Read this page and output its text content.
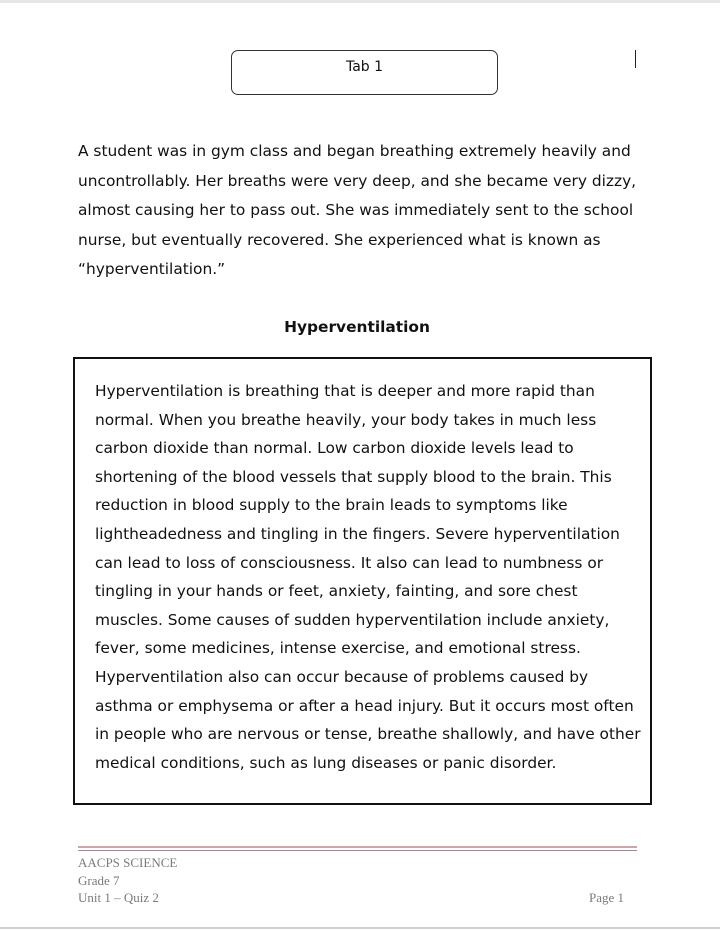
Tab 1

A student was in gym class and began breathing extremely heavily and uncontrollably. Her breaths were very deep, and she became very dizzy, almost causing her to pass out. She was immediately sent to the school nurse, but eventually recovered. She experienced what is known as “hyperventilation.”

Hyperventilation

Hyperventilation is breathing that is deeper and more rapid than normal. When you breathe heavily, your body takes in much less carbon dioxide than normal. Low carbon dioxide levels lead to shortening of the blood vessels that supply blood to the brain. This reduction in blood supply to the brain leads to symptoms like lightheadedness and tingling in the fingers. Severe hyperventilation can lead to loss of consciousness. It also can lead to numbness or tingling in your hands or feet, anxiety, fainting, and sore chest muscles. Some causes of sudden hyperventilation include anxiety, fever, some medicines, intense exercise, and emotional stress. Hyperventilation also can occur because of problems caused by asthma or emphysema or after a head injury. But it occurs most often in people who are nervous or tense, breathe shallowly, and have other medical conditions, such as lung diseases or panic disorder.

AACPS SCIENCE
Grade 7
Unit 1 – Quiz 2	Page 1
